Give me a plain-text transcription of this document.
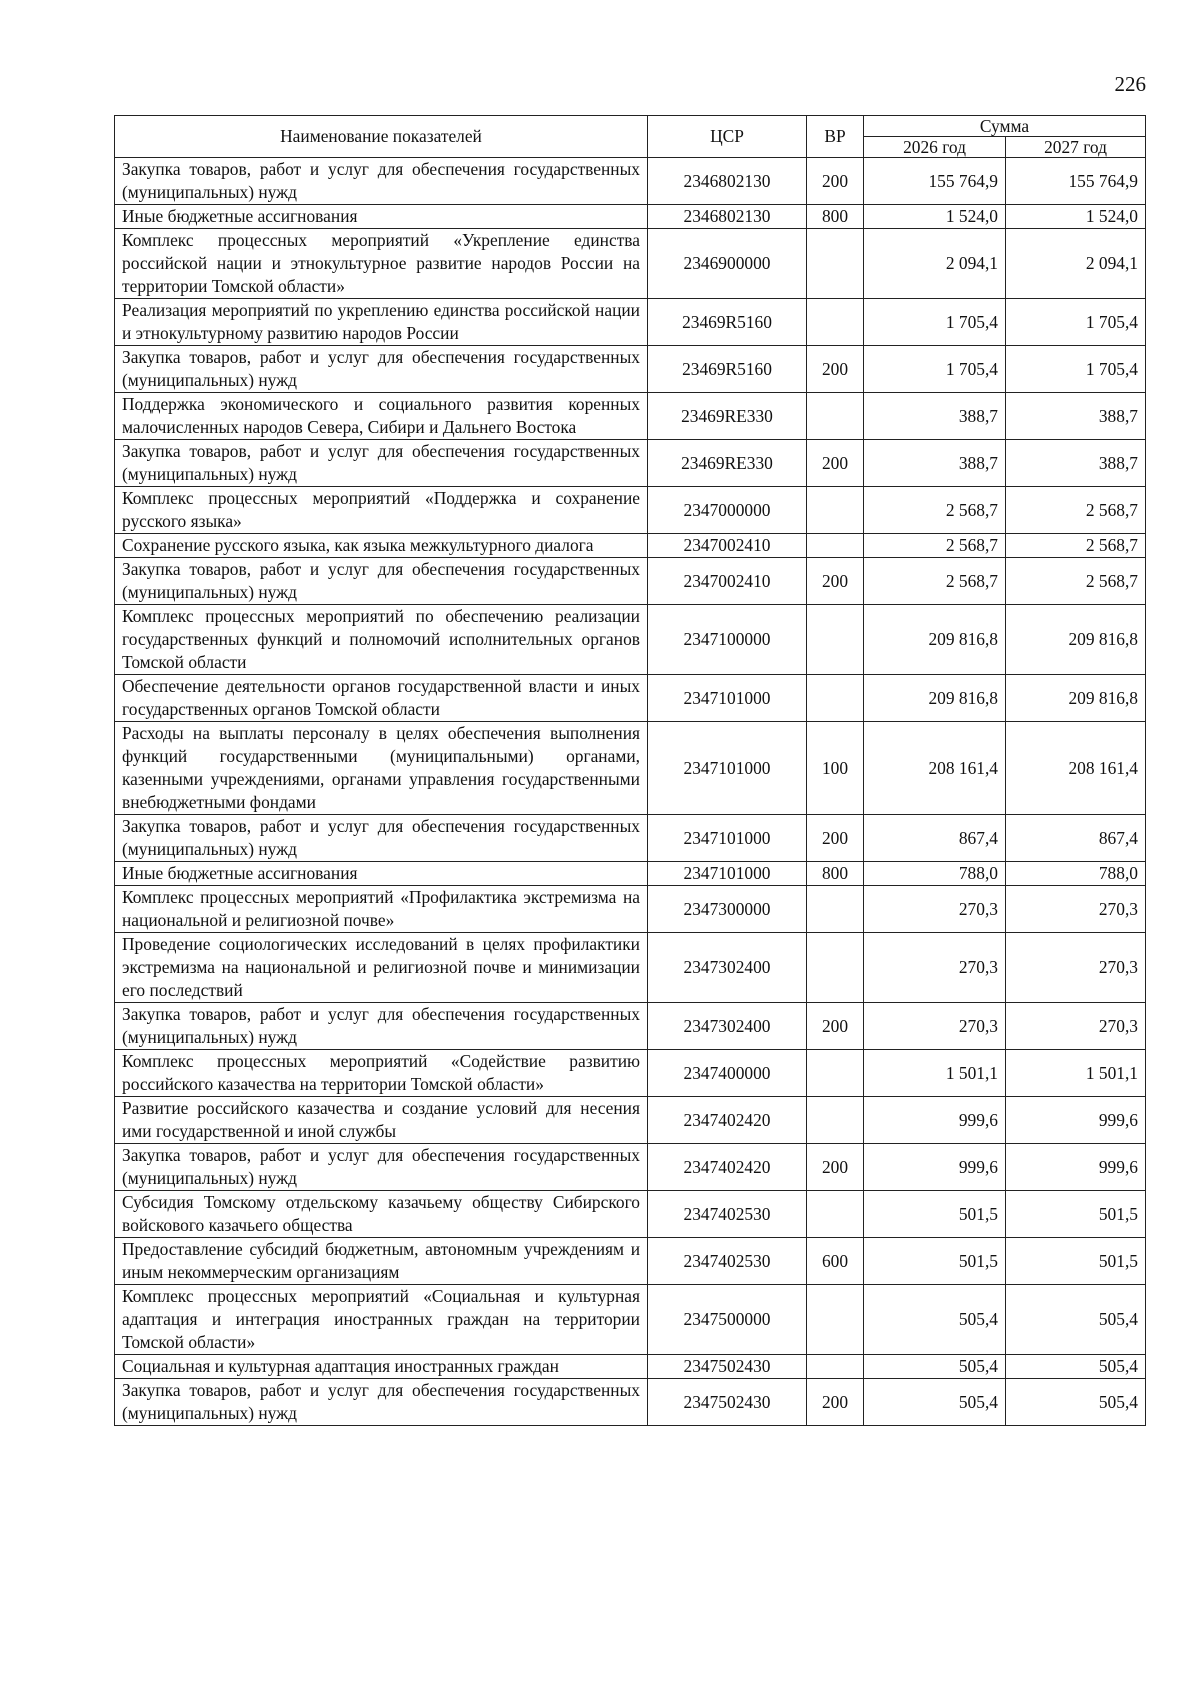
226
Наименование показателей	ЦСР	ВР	Сумма	
			2026 год	2027 год
Закупка товаров, работ и услуг для обеспечения государственных (муниципальных) нужд	2346802130	200	155 764,9	155 764,9
Иные бюджетные ассигнования	2346802130	800	1 524,0	1 524,0
Комплекс процессных мероприятий «Укрепление единства российской нации и этнокультурное развитие народов России на территории Томской области»	2346900000		2 094,1	2 094,1
Реализация мероприятий по укреплению единства российской нации и этнокультурному развитию народов России	23469R5160		1 705,4	1 705,4
Закупка товаров, работ и услуг для обеспечения государственных (муниципальных) нужд	23469R5160	200	1 705,4	1 705,4
Поддержка экономического и социального развития коренных малочисленных народов Севера, Сибири и Дальнего Востока	23469RE330		388,7	388,7
Закупка товаров, работ и услуг для обеспечения государственных (муниципальных) нужд	23469RE330	200	388,7	388,7
Комплекс процессных мероприятий «Поддержка и сохранение русского языка»	2347000000		2 568,7	2 568,7
Сохранение русского языка, как языка межкультурного диалога	2347002410		2 568,7	2 568,7
Закупка товаров, работ и услуг для обеспечения государственных (муниципальных) нужд	2347002410	200	2 568,7	2 568,7
Комплекс процессных мероприятий по обеспечению реализации государственных функций и полномочий исполнительных органов Томской области	2347100000		209 816,8	209 816,8
Обеспечение деятельности органов государственной власти и иных государственных органов Томской области	2347101000		209 816,8	209 816,8
Расходы на выплаты персоналу в целях обеспечения выполнения функций государственными (муниципальными) органами, казенными учреждениями, органами управления государственными внебюджетными фондами	2347101000	100	208 161,4	208 161,4
Закупка товаров, работ и услуг для обеспечения государственных (муниципальных) нужд	2347101000	200	867,4	867,4
Иные бюджетные ассигнования	2347101000	800	788,0	788,0
Комплекс процессных мероприятий «Профилактика экстремизма на национальной и религиозной почве»	2347300000		270,3	270,3
Проведение социологических исследований в целях профилактики экстремизма на национальной и религиозной почве и минимизации его последствий	2347302400		270,3	270,3
Закупка товаров, работ и услуг для обеспечения государственных (муниципальных) нужд	2347302400	200	270,3	270,3
Комплекс процессных мероприятий «Содействие развитию российского казачества на территории Томской области»	2347400000		1 501,1	1 501,1
Развитие российского казачества и создание условий для несения ими государственной и иной службы	2347402420		999,6	999,6
Закупка товаров, работ и услуг для обеспечения государственных (муниципальных) нужд	2347402420	200	999,6	999,6
Субсидия Томскому отдельскому казачьему обществу Сибирского войскового казачьего общества	2347402530		501,5	501,5
Предоставление субсидий бюджетным, автономным учреждениям и иным некоммерческим организациям	2347402530	600	501,5	501,5
Комплекс процессных мероприятий «Социальная и культурная адаптация и интеграция иностранных граждан на территории Томской области»	2347500000		505,4	505,4
Социальная и культурная адаптация иностранных граждан	2347502430		505,4	505,4
Закупка товаров, работ и услуг для обеспечения государственных (муниципальных) нужд	2347502430	200	505,4	505,4
